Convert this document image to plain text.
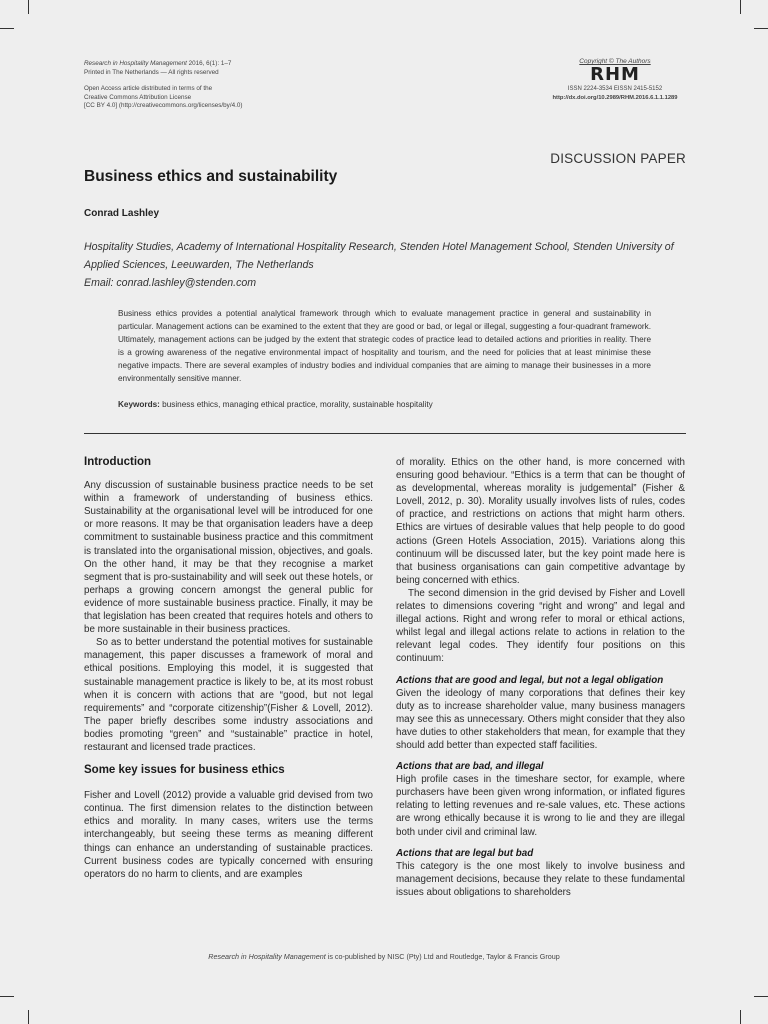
Research in Hospitality Management 2016, 6(1): 1–7
Printed in The Netherlands — All rights reserved
Open Access article distributed in terms of the
Creative Commons Attribution License
[CC BY 4.0] (http://creativecommons.org/licenses/by/4.0)
Copyright © The Authors
RHM
ISSN 2224-3534 EISSN 2415-5152
http://dx.doi.org/10.2989/RHM.2016.6.1.1.1289
DISCUSSION PAPER
Business ethics and sustainability
Conrad Lashley
Hospitality Studies, Academy of International Hospitality Research, Stenden Hotel Management School, Stenden University of
Applied Sciences, Leeuwarden, The Netherlands
Email: conrad.lashley@stenden.com
Business ethics provides a potential analytical framework through which to evaluate management practice in general and sustainability in particular. Management actions can be examined to the extent that they are good or bad, or legal or illegal, suggesting a four-quadrant framework. Ultimately, management actions can be judged by the extent that strategic codes of practice lead to detailed actions and priorities in reality. There is a growing awareness of the negative environmental impact of hospitality and tourism, and the need for policies that at least minimise these negative impacts. There are several examples of industry bodies and individual companies that are aiming to manage their businesses in a more environmentally sensitive manner.
Keywords: business ethics, managing ethical practice, morality, sustainable hospitality
Introduction

Any discussion of sustainable business practice needs to be set within a framework of understanding of business ethics. Sustainability at the organisational level will be introduced for one or more reasons. It may be that organisation leaders have a deep commitment to sustainable business practice and this commitment is translated into the organisational mission, objectives, and goals. On the other hand, it may be that they recognise a market segment that is pro-sustainability and will seek out these hotels, or perhaps a growing concern amongst the general public for evidence of more sustainable business practice. Finally, it may be that legislation has been created that requires hotels and others to be more sustainable in their business practices.

So as to better understand the potential motives for sustainable management, this paper discusses a framework of moral and ethical positions. Employing this model, it is suggested that sustainable management practice is likely to be, at its most robust when it is concern with actions that are “good, but not legal requirements” and “corporate citizenship”(Fisher & Lovell, 2012). The paper briefly describes some industry associations and bodies promoting “green” and “sustainable” practice in hotel, restaurant and licensed trade practices.

Some key issues for business ethics

Fisher and Lovell (2012) provide a valuable grid devised from two continua. The first dimension relates to the distinction between ethics and morality. In many cases, writers use the terms interchangeably, but seeing these terms as meaning different things can enhance an understanding of sustainable practices. Current business codes are typically concerned with ensuring operators do no harm to clients, and are examples

of morality. Ethics on the other hand, is more concerned with ensuring good behaviour. “Ethics is a term that can be thought of as developmental, whereas morality is judgemental” (Fisher & Lovell, 2012, p. 30). Morality usually involves lists of rules, codes of practice, and restrictions on actions that might harm others. Ethics are virtues of desirable values that help people to do good actions (Green Hotels Association, 2015). Variations along this continuum will be discussed later, but the key point made here is that business organisations can gain competitive advantage by being concerned with ethics.

The second dimension in the grid devised by Fisher and Lovell relates to dimensions covering “right and wrong” and legal and illegal actions. Right and wrong refer to moral or ethical actions, whilst legal and illegal actions relate to actions in relation to the relevant legal codes. They identify four positions on this continuum:

Actions that are good and legal, but not a legal obligation

Given the ideology of many corporations that defines their key duty as to increase shareholder value, many business managers may see this as unnecessary. Others might consider that they also have duties to other stakeholders that mean, for example that they should add better than expected staff facilities.

Actions that are bad, and illegal

High profile cases in the timeshare sector, for example, where purchasers have been given wrong information, or inflated figures relating to letting revenues and re-sale values, etc. These actions are wrong ethically because it is wrong to lie and they are illegal both under civil and criminal law.

Actions that are legal but bad

This category is the one most likely to involve business and management decisions, because they relate to these fundamental issues about obligations to shareholders

Research in Hospitality Management is co-published by NISC (Pty) Ltd and Routledge, Taylor & Francis Group
